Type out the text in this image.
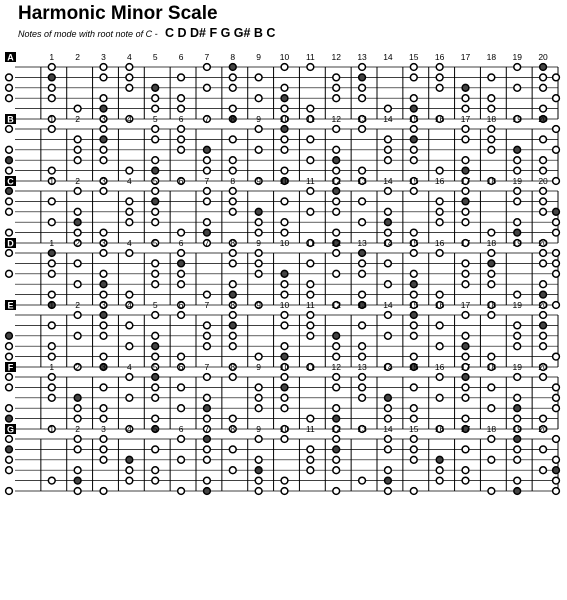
Harmonic Minor Scale
Notes of mode with root note of C - C D D# F G G# B C
A	1 2 3 4 5 6 7 8 9 10 11 12 13 14 15 16 17 18 19 20
B	1 2 3 4 5 6 7 8 9 10 11 12 13 14 15 16 17 18 19 20
C	1 2 3 4 5 6 7 8 9 10 11 12 13 14 15 16 17 18 19 20
D	1 2 3 4 5 6 7 8 9 10 11 12 13 14 15 16 17 18 19 20
E	1 2 3 4 5 6 7 8 9 10 11 12 13 14 15 16 17 18 19 20
F	1 2 3 4 5 6 7 8 9 10 11 12 13 14 15 16 17 18 19 20
G	1 2 3 4 5 6 7 8 9 10 11 12 13 14 15 16 17 18 19 20
